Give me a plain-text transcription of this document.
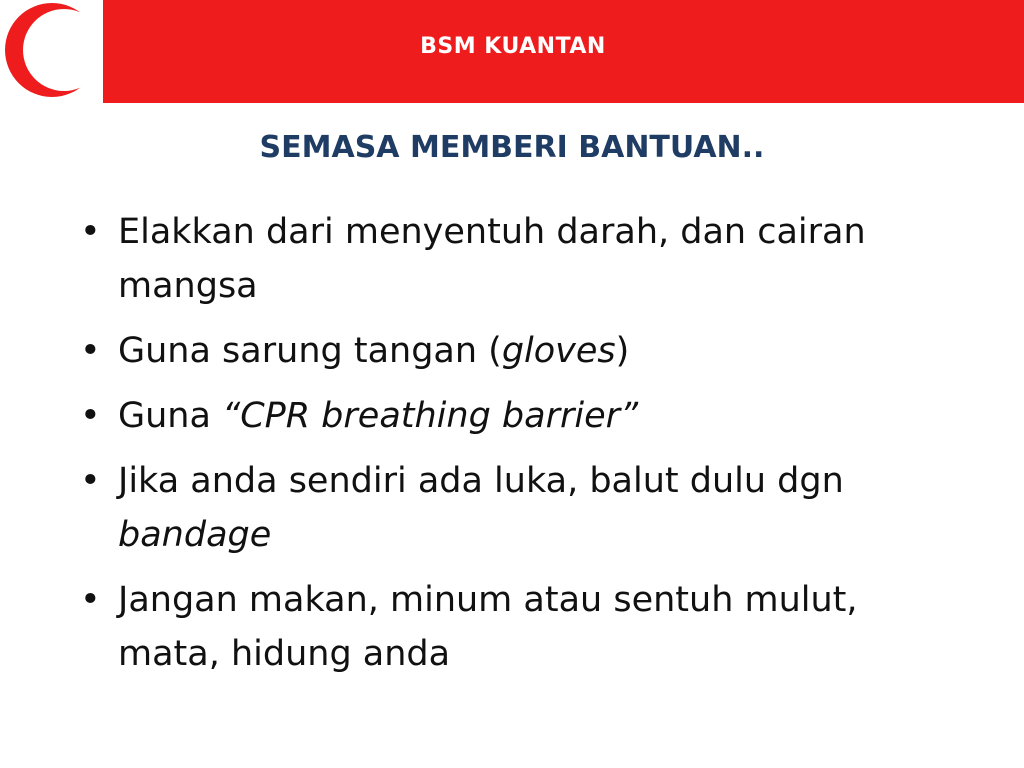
BSM KUANTAN
SEMASA MEMBERI BANTUAN..
• Elakkan dari menyentuh darah, dan cairan mangsa
• Guna sarung tangan (gloves)
• Guna “CPR breathing barrier”
• Jika anda sendiri ada luka, balut dulu dgn bandage
• Jangan makan, minum atau sentuh mulut, mata, hidung anda
